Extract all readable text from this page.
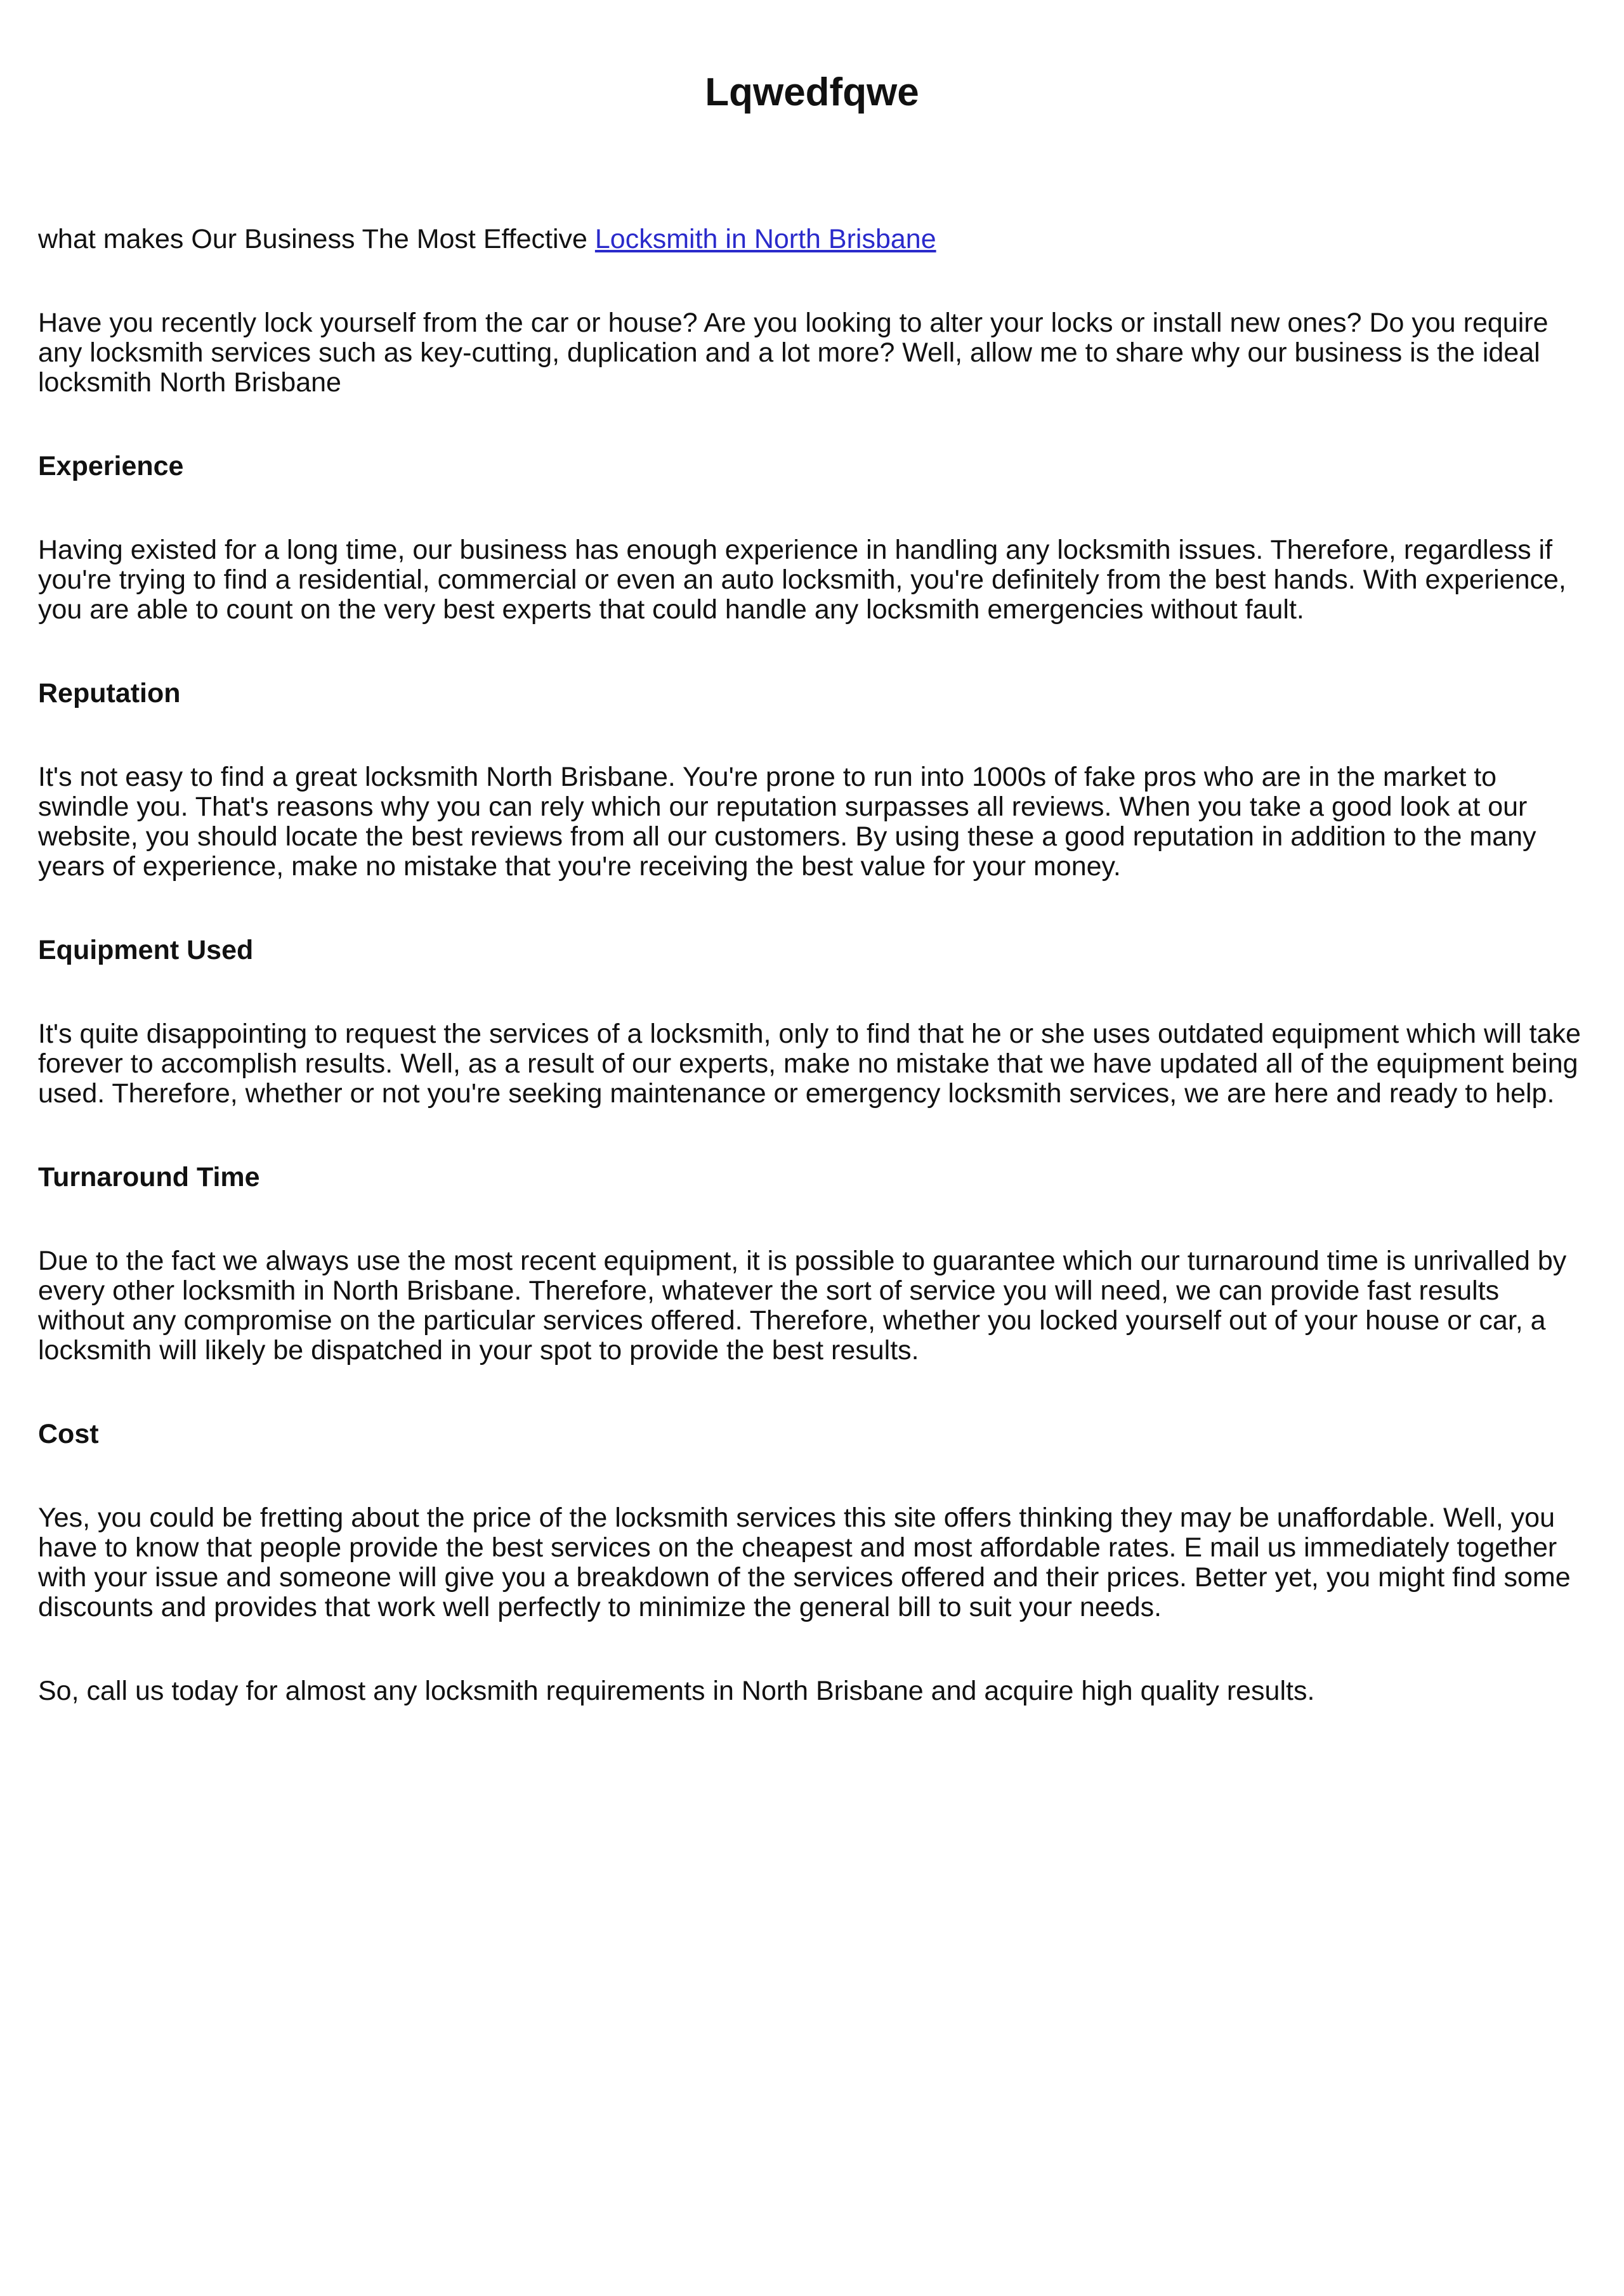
Lqwedfqwe

what makes Our Business The Most Effective Locksmith in North Brisbane

Have you recently lock yourself from the car or house? Are you looking to alter your locks or install new ones? Do you require any locksmith services such as key-cutting, duplication and a lot more? Well, allow me to share why our business is the ideal locksmith North Brisbane

Experience

Having existed for a long time, our business has enough experience in handling any locksmith issues. Therefore, regardless if you're trying to find a residential, commercial or even an auto locksmith, you're definitely from the best hands. With experience, you are able to count on the very best experts that could handle any locksmith emergencies without fault.

Reputation

It's not easy to find a great locksmith North Brisbane. You're prone to run into 1000s of fake pros who are in the market to swindle you. That's reasons why you can rely which our reputation surpasses all reviews. When you take a good look at our website, you should locate the best reviews from all our customers. By using these a good reputation in addition to the many years of experience, make no mistake that you're receiving the best value for your money.

Equipment Used

It's quite disappointing to request the services of a locksmith, only to find that he or she uses outdated equipment which will take forever to accomplish results. Well, as a result of our experts, make no mistake that we have updated all of the equipment being used. Therefore, whether or not you're seeking maintenance or emergency locksmith services, we are here and ready to help.

Turnaround Time

Due to the fact we always use the most recent equipment, it is possible to guarantee which our turnaround time is unrivalled by every other locksmith in North Brisbane. Therefore, whatever the sort of service you will need, we can provide fast results without any compromise on the particular services offered. Therefore, whether you locked yourself out of your house or car, a locksmith will likely be dispatched in your spot to provide the best results.

Cost

Yes, you could be fretting about the price of the locksmith services this site offers thinking they may be unaffordable. Well, you have to know that people provide the best services on the cheapest and most affordable rates. E mail us immediately together with your issue and someone will give you a breakdown of the services offered and their prices. Better yet, you might find some discounts and provides that work well perfectly to minimize the general bill to suit your needs.

So, call us today for almost any locksmith requirements in North Brisbane and acquire high quality results.
